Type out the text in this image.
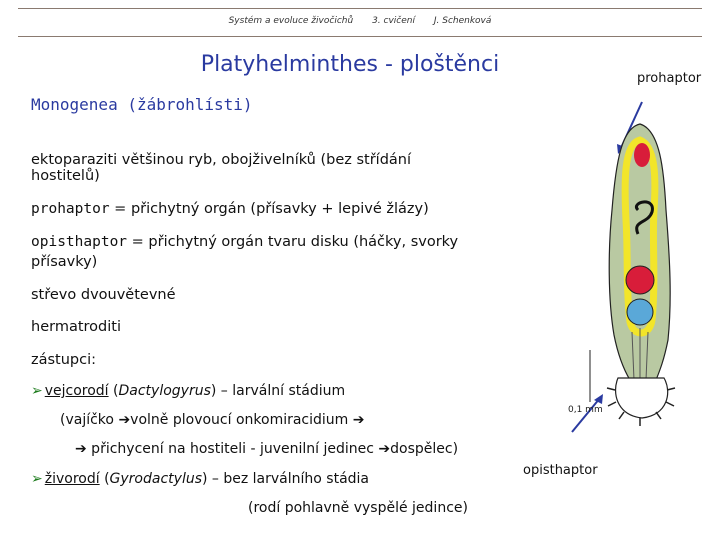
Systém a evoluce živočichů 3. cvičení J. Schenková
Platyhelminthes - ploštěnci
Monogenea (žábrohlísti)
ektoparaziti většinou ryb, obojživelníků (bez střídání
hostitelů)
prohaptor = přichytný orgán (přísavky + lepivé žlázy)
opisthaptor = přichytný orgán tvaru disku (háčky, svorky
přísavky)
střevo dvouvětevné
hermatroditi
zástupci:
➢ vejcorodí (Dactylogyrus) – larvální stádium
(vajíčko ➔volně plovoucí onkomiracidium ➔
➔ přichycení na hostiteli - juvenilní jedinec ➔dospělec)
➢ živorodí (Gyrodactylus) – bez larválního stádia
(rodí pohlavně vyspělé jedince)
prohaptor
opisthaptor
0,1 mm
